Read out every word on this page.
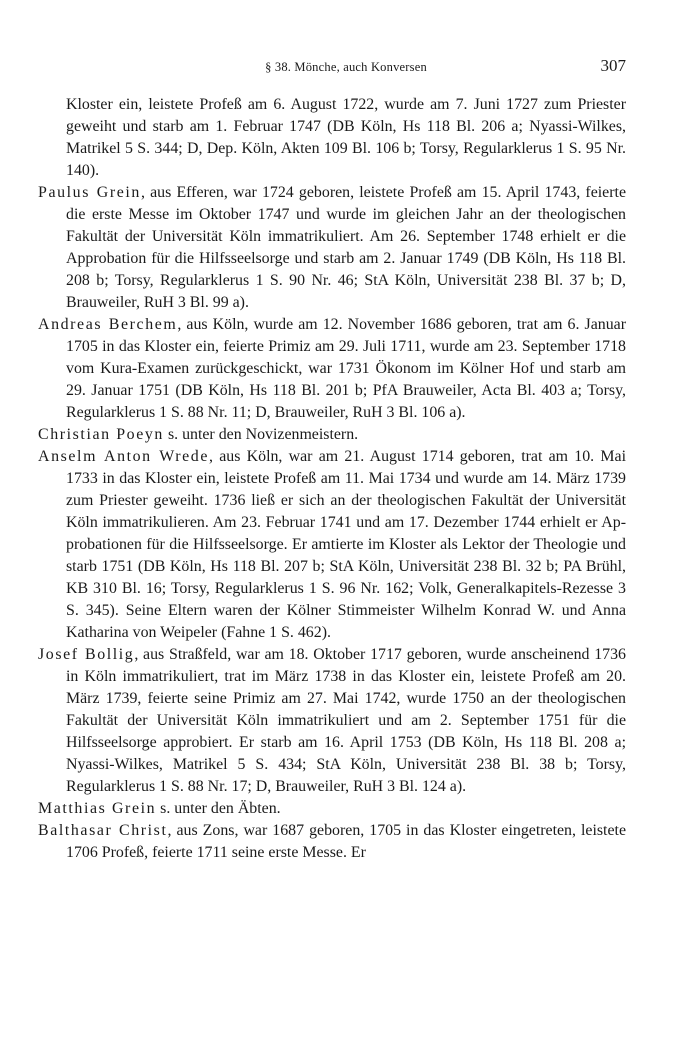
§ 38. Mönche, auch Konversen	307

Kloster ein, leistete Profeß am 6. August 1722, wurde am 7. Juni 1727 zum Priester geweiht und starb am 1. Februar 1747 (DB Köln, Hs 118 Bl. 206 a; Nyassi-Wilkes, Matrikel 5 S. 344; D, Dep. Köln, Akten 109 Bl. 106 b; Torsy, Regularklerus 1 S. 95 Nr. 140).

Paulus Grein, aus Efferen, war 1724 geboren, leistete Profeß am 15. April 1743, feierte die erste Messe im Oktober 1747 und wurde im gleichen Jahr an der theologischen Fakultät der Universität Köln immatrikuliert. Am 26. September 1748 erhielt er die Approbation für die Hilfsseelsorge und starb am 2. Januar 1749 (DB Köln, Hs 118 Bl. 208 b; Torsy, Regularklerus 1 S. 90 Nr. 46; StA Köln, Universität 238 Bl. 37 b; D, Brauweiler, RuH 3 Bl. 99 a).

Andreas Berchem, aus Köln, wurde am 12. November 1686 geboren, trat am 6. Januar 1705 in das Kloster ein, feierte Primiz am 29. Juli 1711, wurde am 23. September 1718 vom Kura-Examen zurückgeschickt, war 1731 Ökonom im Kölner Hof und starb am 29. Januar 1751 (DB Köln, Hs 118 Bl. 201 b; PfA Brauweiler, Acta Bl. 403 a; Torsy, Regularklerus 1 S. 88 Nr. 11; D, Brauweiler, RuH 3 Bl. 106 a).

Christian Poeyn s. unter den Novizenmeistern.

Anselm Anton Wrede, aus Köln, war am 21. August 1714 geboren, trat am 10. Mai 1733 in das Kloster ein, leistete Profeß am 11. Mai 1734 und wurde am 14. März 1739 zum Priester geweiht. 1736 ließ er sich an der theologischen Fakultät der Universität Köln immatrikulieren. Am 23. Februar 1741 und am 17. Dezember 1744 erhielt er Approbationen für die Hilfsseelsorge. Er amtierte im Kloster als Lektor der Theologie und starb 1751 (DB Köln, Hs 118 Bl. 207 b; StA Köln, Universität 238 Bl. 32 b; PA Brühl, KB 310 Bl. 16; Torsy, Regularklerus 1 S. 96 Nr. 162; Volk, Generalkapitels-Rezesse 3 S. 345). Seine Eltern waren der Kölner Stimmeister Wilhelm Konrad W. und Anna Katharina von Weipeler (Fahne 1 S. 462).

Josef Bollig, aus Straßfeld, war am 18. Oktober 1717 geboren, wurde anscheinend 1736 in Köln immatrikuliert, trat im März 1738 in das Kloster ein, leistete Profeß am 20. März 1739, feierte seine Primiz am 27. Mai 1742, wurde 1750 an der theologischen Fakultät der Universität Köln immatrikuliert und am 2. September 1751 für die Hilfsseelsorge approbiert. Er starb am 16. April 1753 (DB Köln, Hs 118 Bl. 208 a; Nyassi-Wilkes, Matrikel 5 S. 434; StA Köln, Universität 238 Bl. 38 b; Torsy, Regularklerus 1 S. 88 Nr. 17; D, Brauweiler, RuH 3 Bl. 124 a).

Matthias Grein s. unter den Äbten.

Balthasar Christ, aus Zons, war 1687 geboren, 1705 in das Kloster eingetreten, leistete 1706 Profeß, feierte 1711 seine erste Messe. Er
